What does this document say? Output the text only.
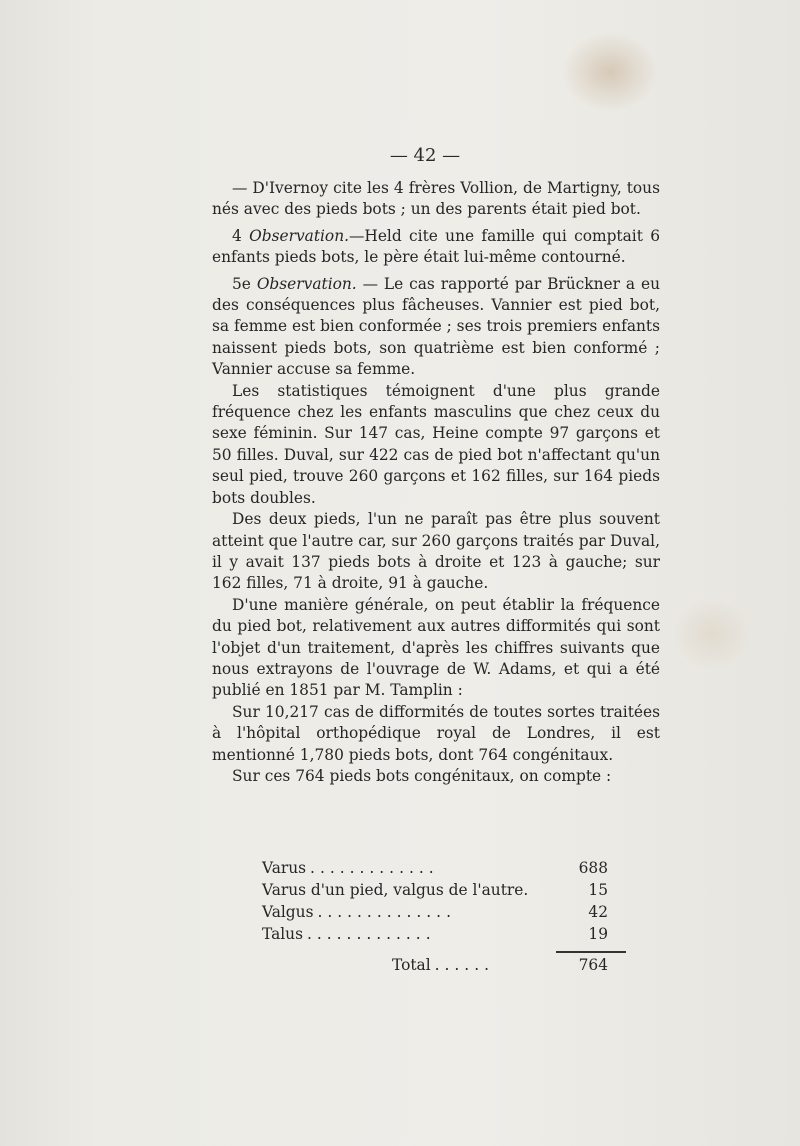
— 42 —

— D'Ivernoy cite les 4 frères Vollion, de Martigny, tous nés avec des pieds bots ; un des parents était pied bot.

4 Observation.—Held cite une famille qui comptait 6 enfants pieds bots, le père était lui-même contourné.

5e Observation. — Le cas rapporté par Brückner a eu des conséquences plus fâcheuses. Vannier est pied bot, sa femme est bien conformée ; ses trois premiers enfants naissent pieds bots, son quatrième est bien conformé ; Vannier accuse sa femme.

Les statistiques témoignent d'une plus grande fréquence chez les enfants masculins que chez ceux du sexe féminin. Sur 147 cas, Heine compte 97 garçons et 50 filles. Duval, sur 422 cas de pied bot n'affectant qu'un seul pied, trouve 260 garçons et 162 filles, sur 164 pieds bots doubles.

Des deux pieds, l'un ne paraît pas être plus souvent atteint que l'autre car, sur 260 garçons traités par Duval, il y avait 137 pieds bots à droite et 123 à gauche; sur 162 filles, 71 à droite, 91 à gauche.

D'une manière générale, on peut établir la fréquence du pied bot, relativement aux autres difformités qui sont l'objet d'un traitement, d'après les chiffres suivants que nous extrayons de l'ouvrage de W. Adams, et qui a été publié en 1851 par M. Tamplin :

Sur 10,217 cas de difformités de toutes sortes traitées à l'hôpital orthopédique royal de Londres, il est mentionné 1,780 pieds bots, dont 764 congénitaux.

Sur ces 764 pieds bots congénitaux, on compte :

Varus .............	688
Varus d'un pied, valgus de l'autre.	15
Valgus ..............	42
Talus .............	19
Total ......	764
